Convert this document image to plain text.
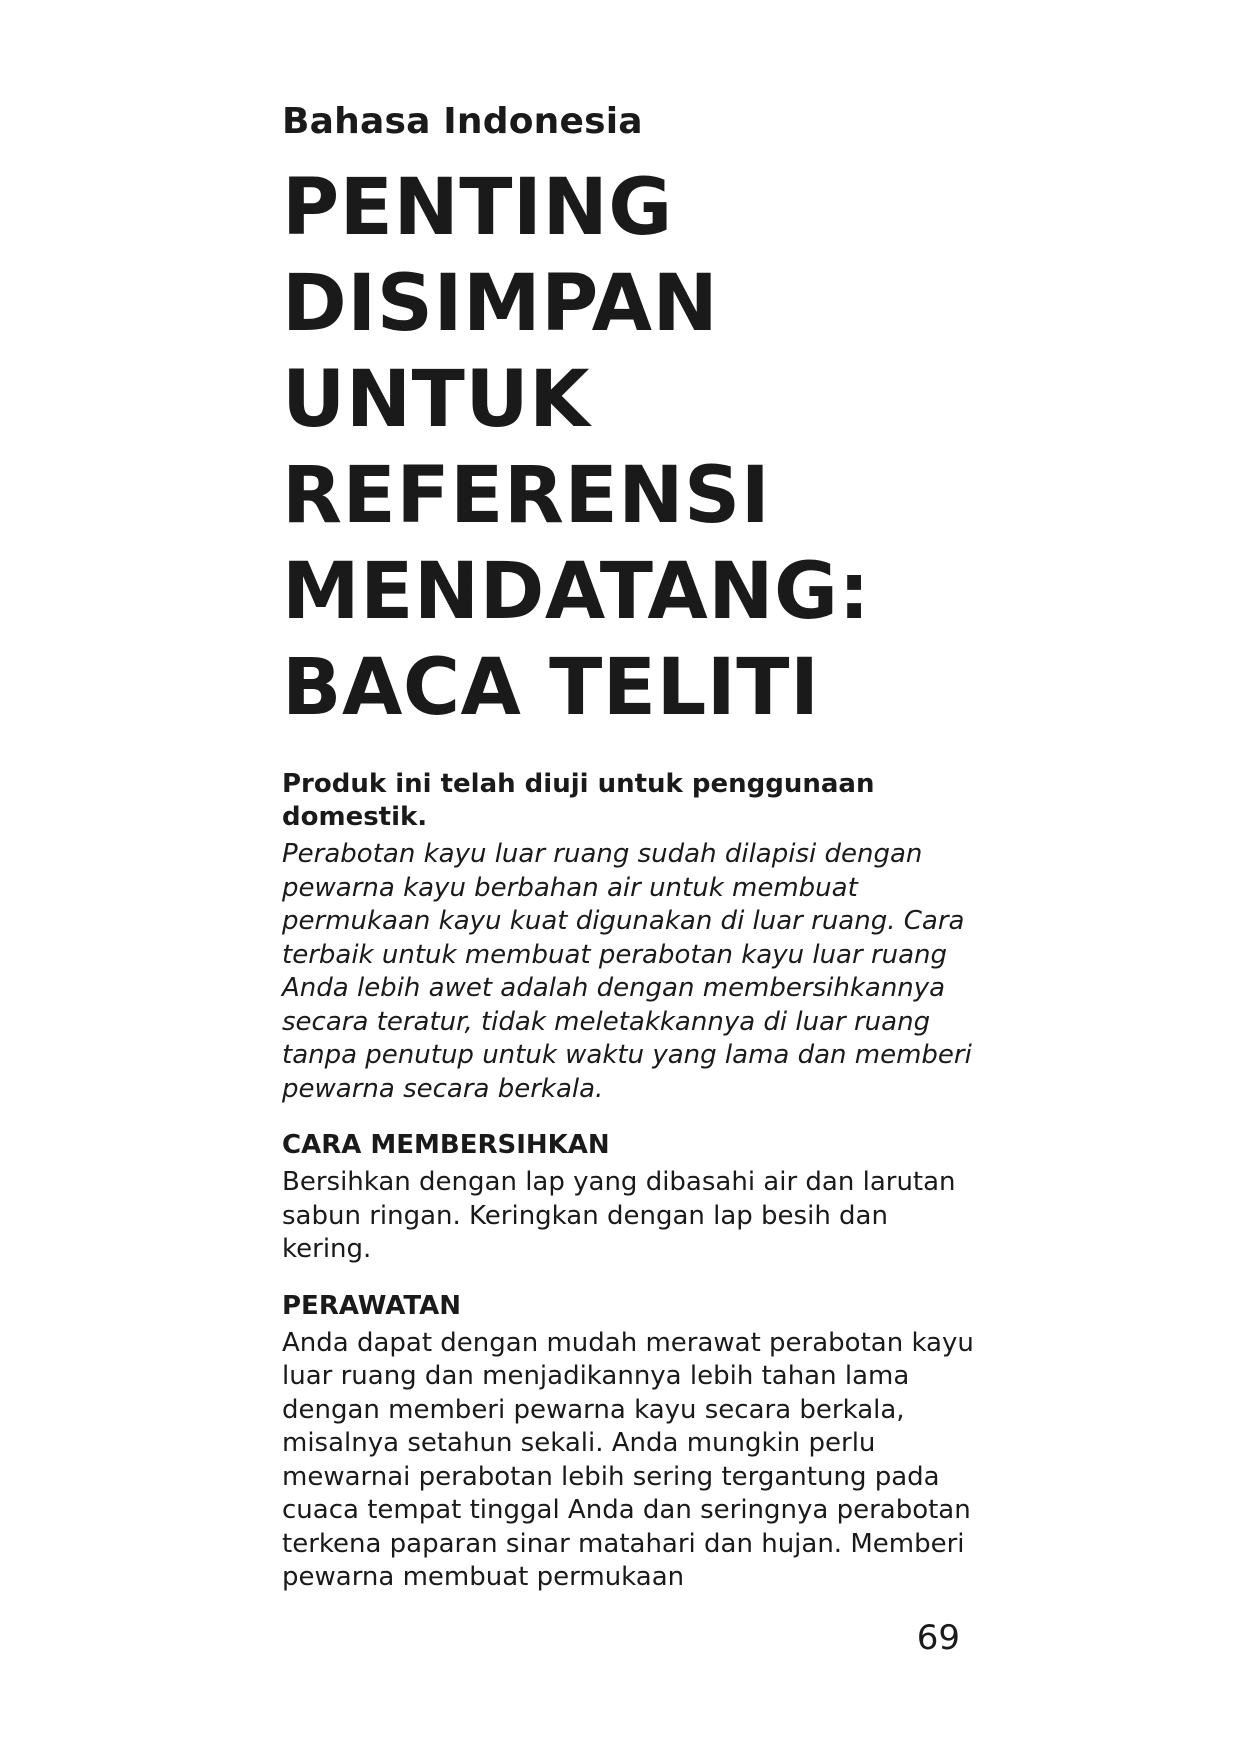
Bahasa Indonesia

PENTING
DISIMPAN
UNTUK
REFERENSI
MENDATANG:
BACA TELITI

Produk ini telah diuji untuk penggunaan domestik.

Perabotan kayu luar ruang sudah dilapisi dengan pewarna kayu berbahan air untuk membuat permukaan kayu kuat digunakan di luar ruang. Cara terbaik untuk membuat perabotan kayu luar ruang Anda lebih awet adalah dengan membersihkannya secara teratur, tidak meletakkannya di luar ruang tanpa penutup untuk waktu yang lama dan memberi pewarna secara berkala.

CARA MEMBERSIHKAN

Bersihkan dengan lap yang dibasahi air dan larutan sabun ringan. Keringkan dengan lap besih dan kering.

PERAWATAN

Anda dapat dengan mudah merawat perabotan kayu luar ruang dan menjadikannya lebih tahan lama dengan memberi pewarna kayu secara berkala, misalnya setahun sekali. Anda mungkin perlu mewarnai perabotan lebih sering tergantung pada cuaca tempat tinggal Anda dan seringnya perabotan terkena paparan sinar matahari dan hujan. Memberi pewarna membuat permukaan

69
